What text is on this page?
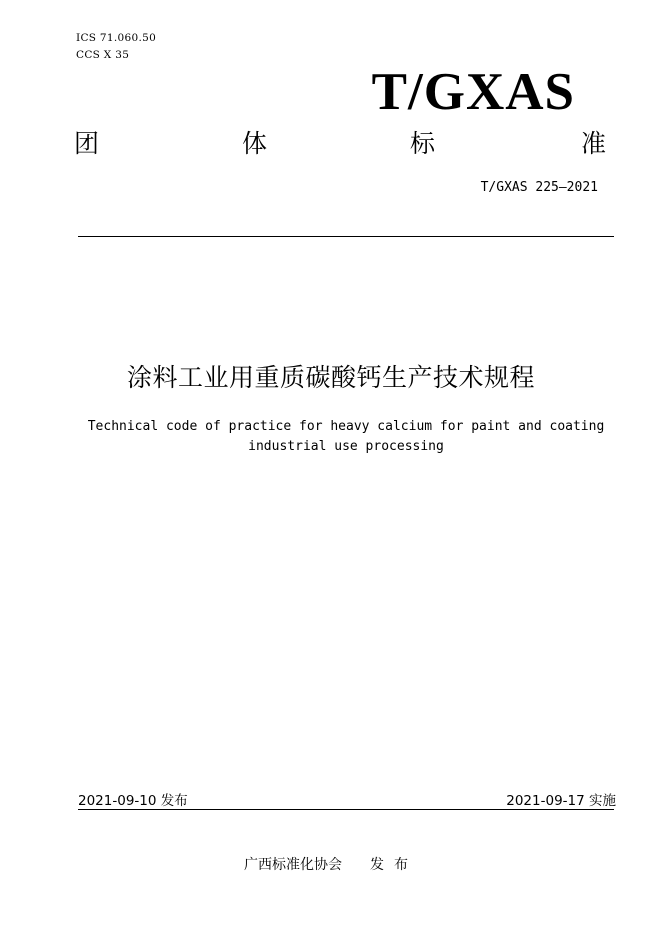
ICS 71.060.50
CCS X 35
T/GXAS
团	体	标	准
T/GXAS 225—2021
涂料工业用重质碳酸钙生产技术规程
Technical code of practice for heavy calcium for paint and coating industrial use processing
2021-09-10 发布	2021-09-17 实施
广西标准化协会 发布
